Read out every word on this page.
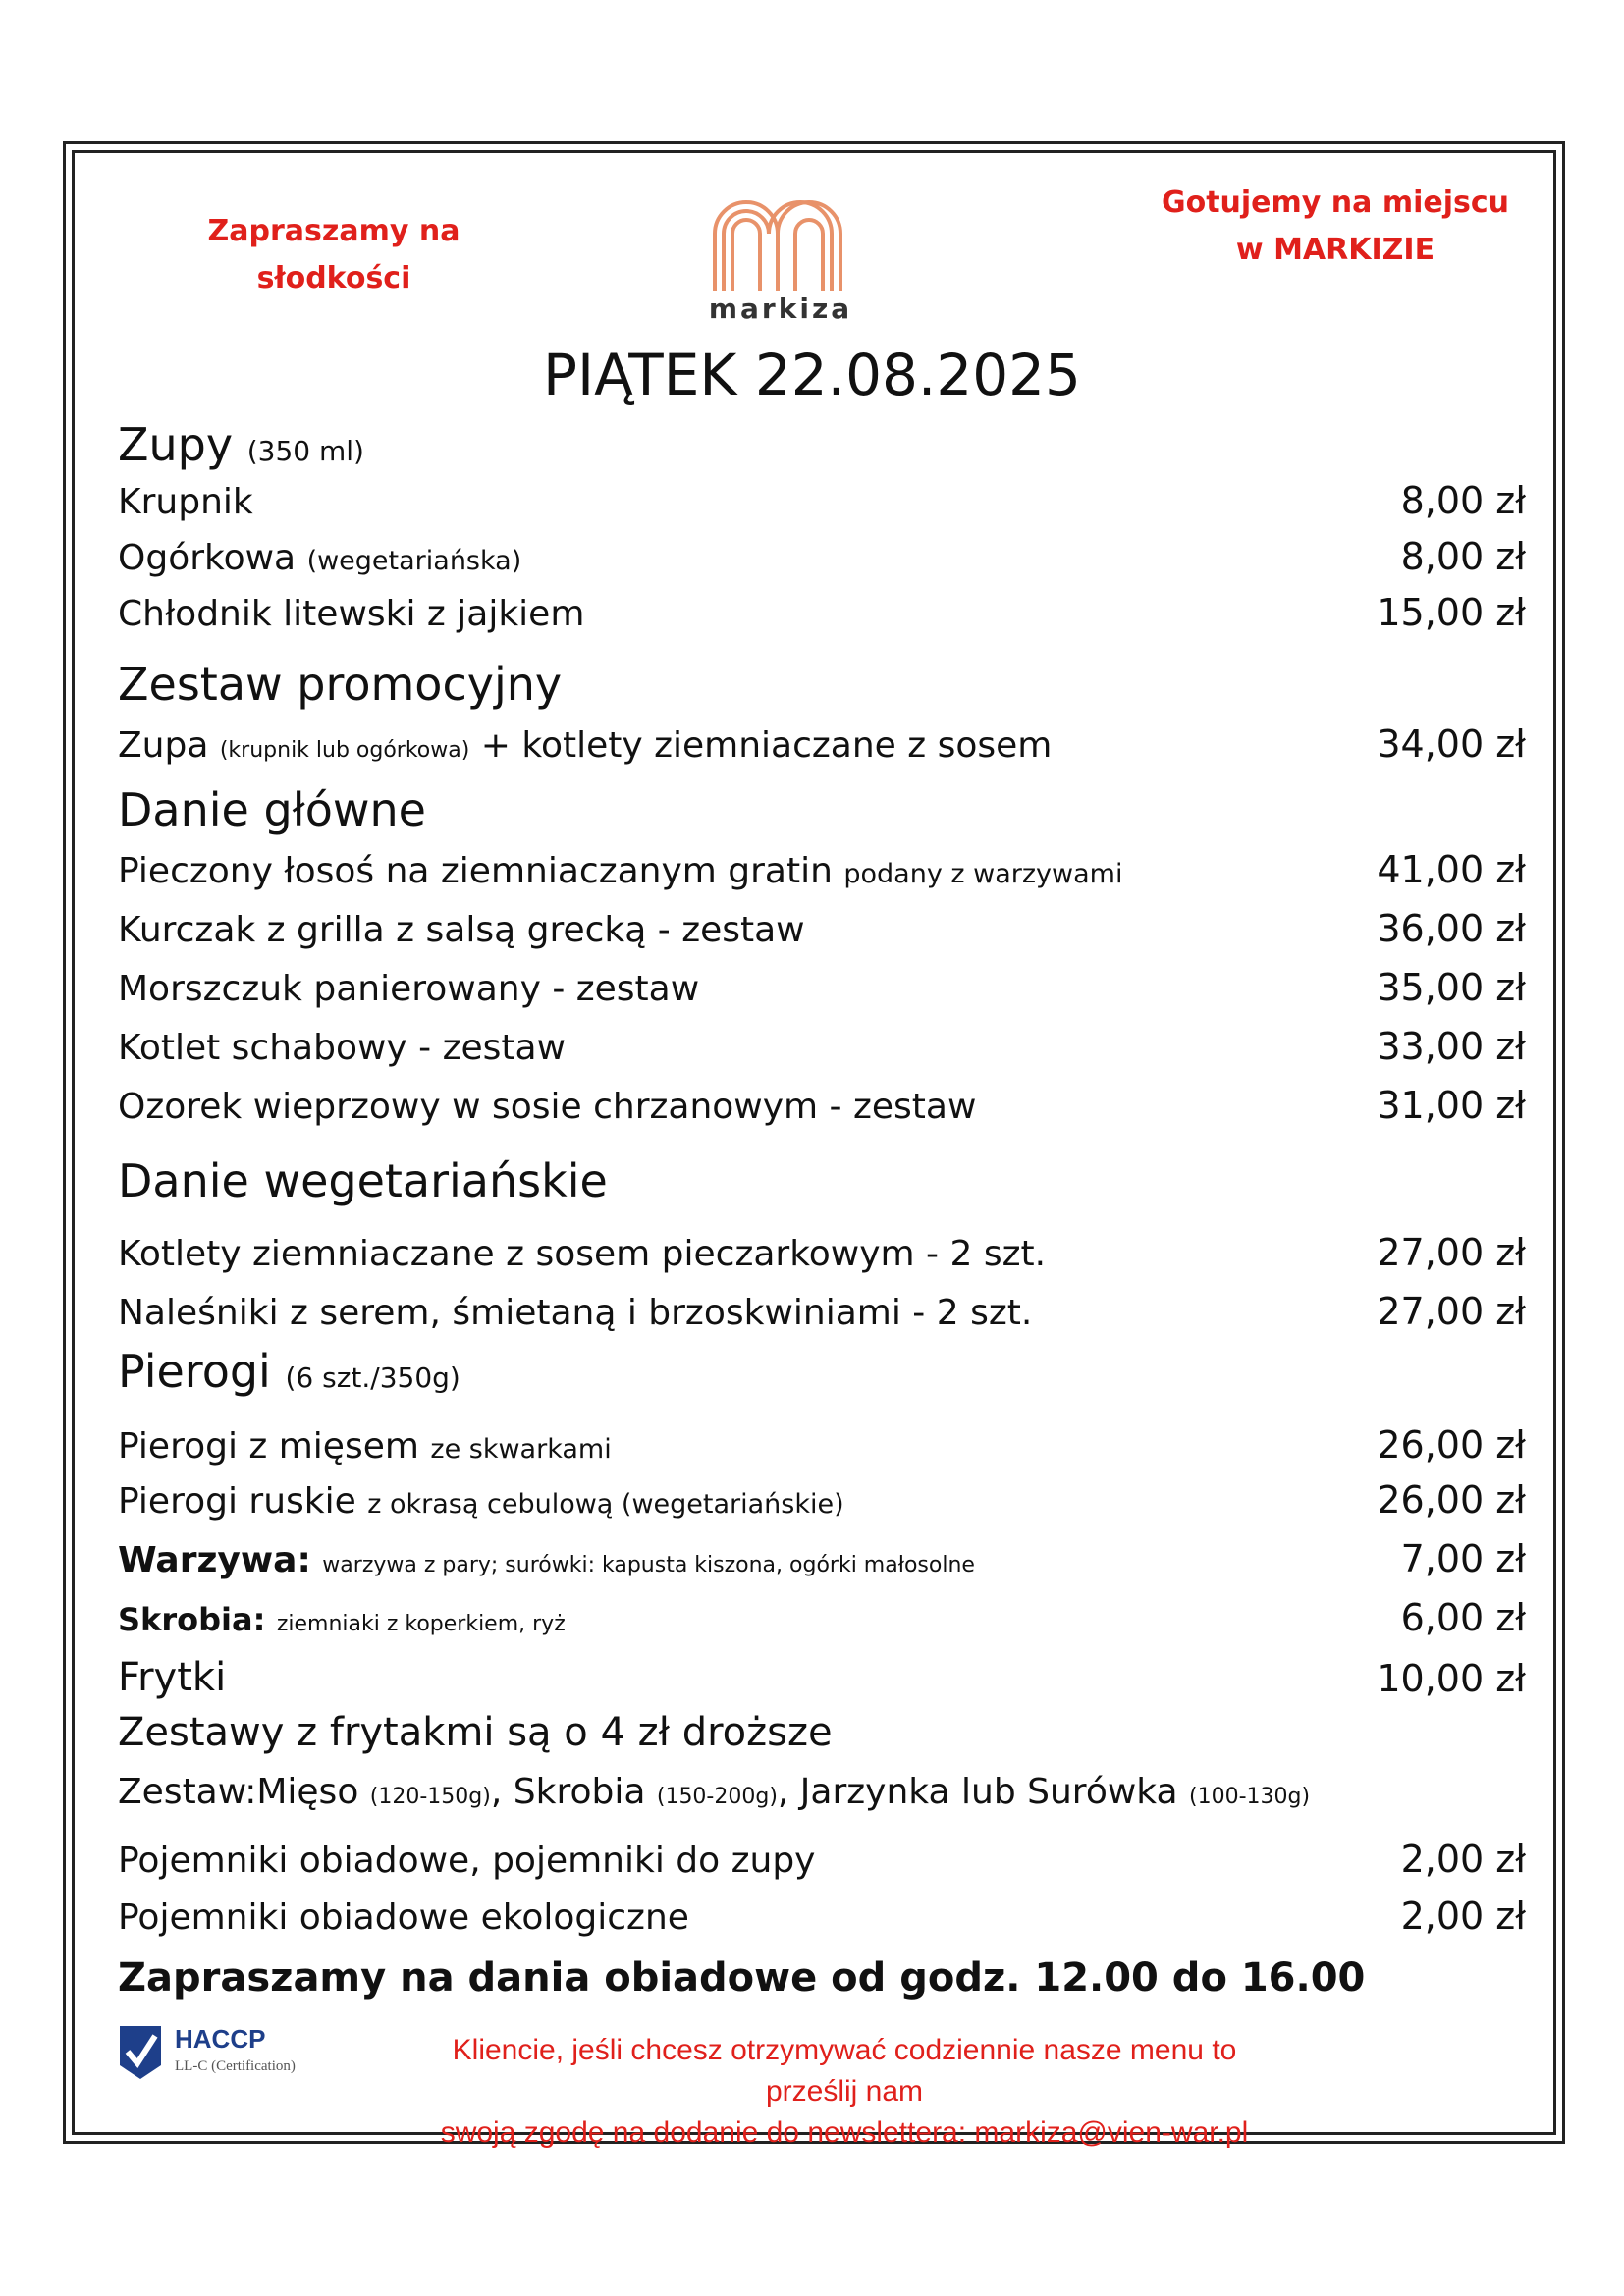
Zapraszamy na
słodkości
markiza
Gotujemy na miejscu
w MARKIZIE
PIĄTEK 22.08.2025
Zupy (350 ml)
Krupnik	8,00 zł
Ogórkowa (wegetariańska)	8,00 zł
Chłodnik litewski z jajkiem	15,00 zł
Zestaw promocyjny
Zupa (krupnik lub ogórkowa) + kotlety ziemniaczane z sosem	34,00 zł
Danie główne
Pieczony łosoś na ziemniaczanym gratin podany z warzywami	41,00 zł
Kurczak z grilla z salsą grecką - zestaw	36,00 zł
Morszczuk panierowany - zestaw	35,00 zł
Kotlet schabowy - zestaw	33,00 zł
Ozorek wieprzowy w sosie chrzanowym - zestaw	31,00 zł
Danie wegetariańskie
Kotlety ziemniaczane z sosem pieczarkowym - 2 szt.	27,00 zł
Naleśniki z serem, śmietaną i brzoskwiniami - 2 szt.	27,00 zł
Pierogi (6 szt./350g)
Pierogi z mięsem ze skwarkami	26,00 zł
Pierogi ruskie z okrasą cebulową (wegetariańskie)	26,00 zł
Warzywa: warzywa z pary; surówki: kapusta kiszona, ogórki małosolne	7,00 zł
Skrobia: ziemniaki z koperkiem, ryż	6,00 zł
Frytki	10,00 zł
Zestawy z frytakmi są o 4 zł droższe
Zestaw:Mięso (120-150g), Skrobia (150-200g), Jarzynka lub Surówka (100-130g)
Pojemniki obiadowe, pojemniki do zupy	2,00 zł
Pojemniki obiadowe ekologiczne	2,00 zł
Zapraszamy na dania obiadowe od godz. 12.00 do 16.00
HACCP
LL-C (Certification)	Kliencie, jeśli chcesz otrzymywać codziennie nasze menu to prześlij nam
swoją zgodę na dodanie do newslettera: markiza@vien-war.pl
